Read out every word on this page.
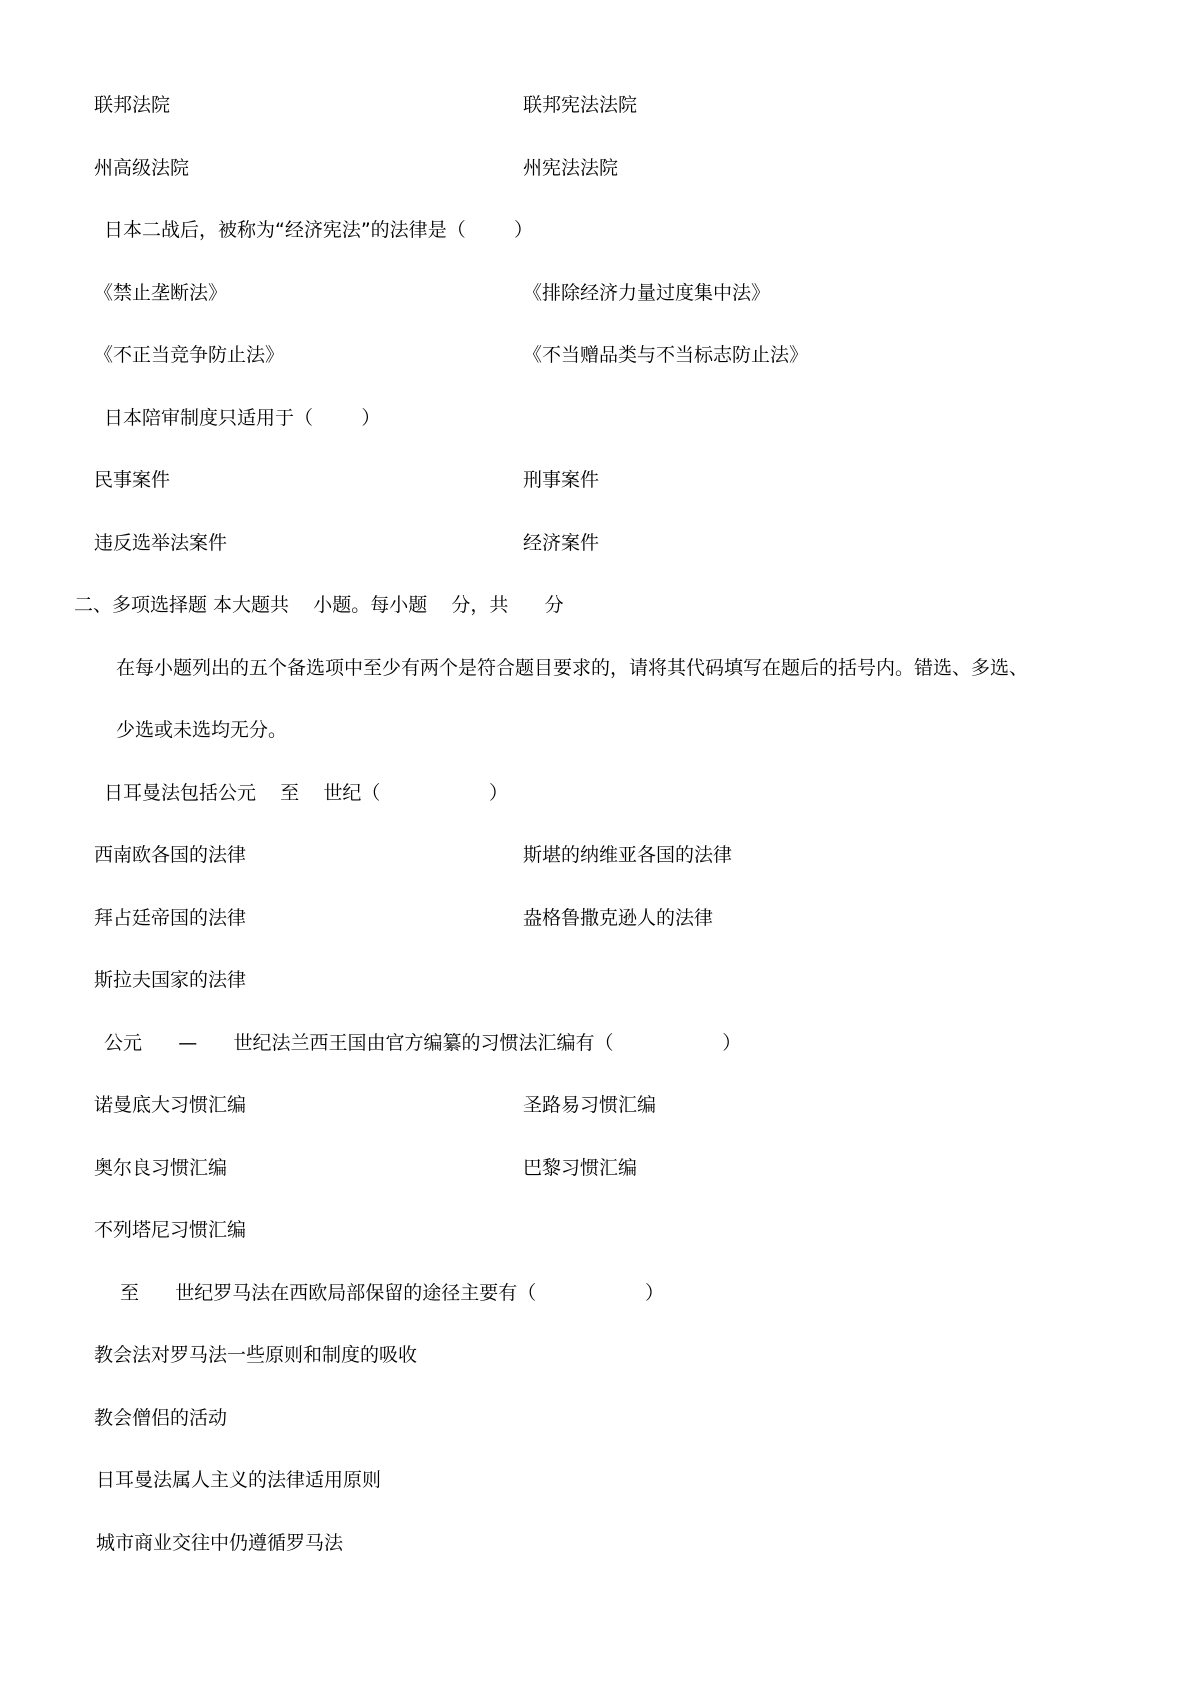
联邦法院	联邦宪法法院
州高级法院	州宪法法院
日本二战后，被称为“经济宪法”的法律是（        ）
《禁止垄断法》	《排除经济力量过度集中法》
《不正当竞争防止法》	《不当赠品类与不当标志防止法》
日本陪审制度只适用于（        ）
民事案件	刑事案件
违反选举法案件	经济案件
二、多项选择题 本大题共    小题。每小题    分，共      分
在每小题列出的五个备选项中至少有两个是符合题目要求的，请将其代码填写在题后的括号内。错选、多选、
少选或未选均无分。
日耳曼法包括公元    至    世纪（                  ）
西南欧各国的法律	斯堪的纳维亚各国的法律
拜占廷帝国的法律	盎格鲁撒克逊人的法律
斯拉夫国家的法律
公元      —      世纪法兰西王国由官方编纂的习惯法汇编有（                  ）
诺曼底大习惯汇编	圣路易习惯汇编
奥尔良习惯汇编	巴黎习惯汇编
不列塔尼习惯汇编
至      世纪罗马法在西欧局部保留的途径主要有（                  ）
教会法对罗马法一些原则和制度的吸收
教会僧侣的活动
日耳曼法属人主义的法律适用原则
城市商业交往中仍遵循罗马法
